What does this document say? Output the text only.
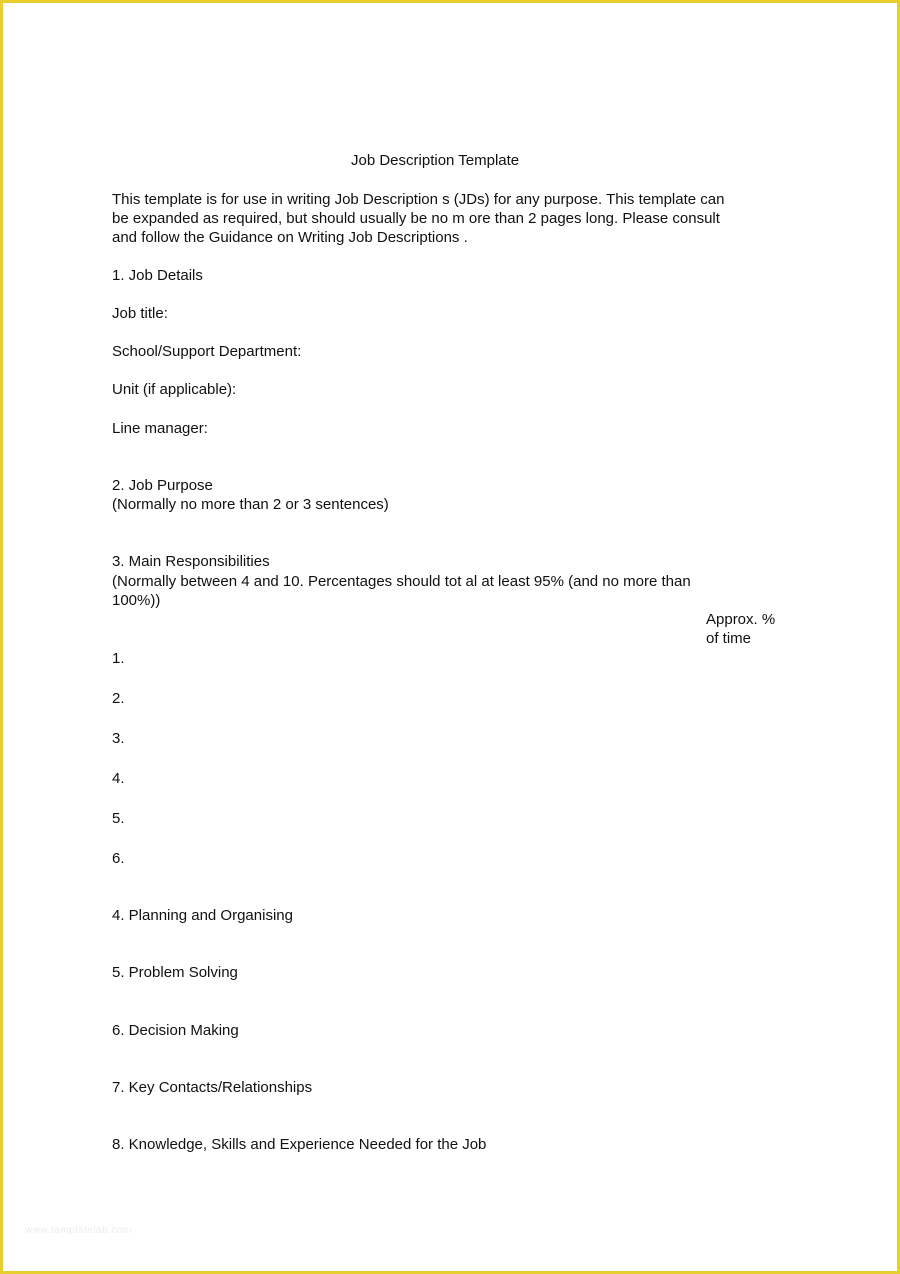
Job Description Template
This template is for use in writing Job Description s (JDs) for any purpose. This template can
be expanded as required, but should usually be no m ore than 2 pages long. Please consult
and follow the Guidance on Writing Job Descriptions .
1. Job Details
Job title:
School/Support Department:
Unit (if applicable):
Line manager:
2. Job Purpose
(Normally no more than 2 or 3 sentences)
3. Main Responsibilities
(Normally between 4 and 10. Percentages should tot al at least 95% (and no more than
100%))
Approx. %
of time
1.
2.
3.
4.
5.
6.
4. Planning and Organising
5. Problem Solving
6. Decision Making
7. Key Contacts/Relationships
8. Knowledge, Skills and Experience Needed for the Job
www.templatelab.com
